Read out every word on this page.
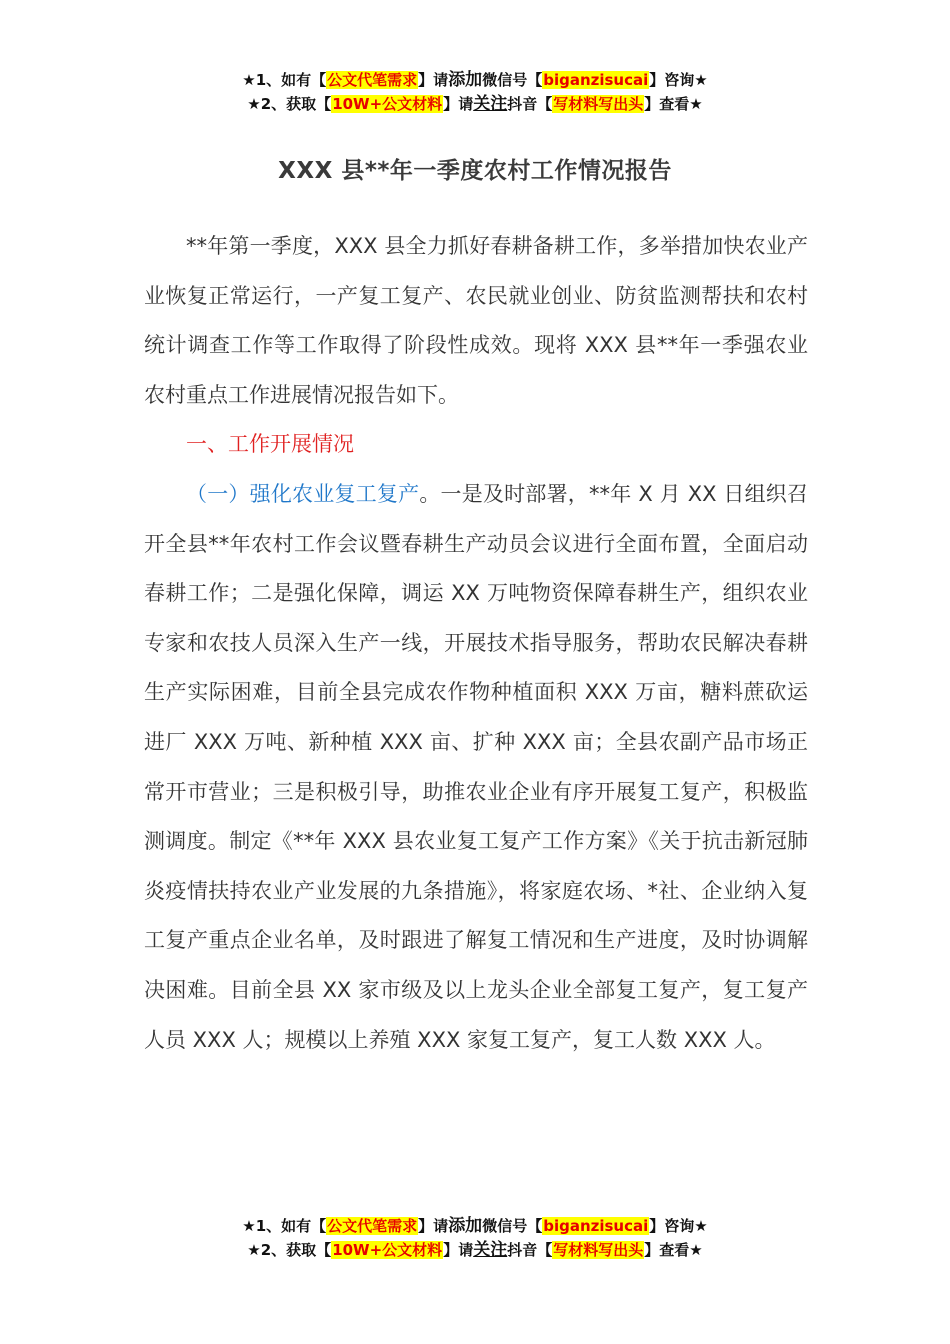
★1、如有【公文代笔需求】请添加微信号【biganzisucai】咨询★
★2、获取【10W+公文材料】请关注抖音【写材料写出头】查看★
XXX 县**年一季度农村工作情况报告

**年第一季度，XXX 县全力抓好春耕备耕工作，多举措加快农业产业恢复正常运行，一产复工复产、农民就业创业、防贫监测帮扶和农村统计调查工作等工作取得了阶段性成效。现将 XXX 县**年一季强农业农村重点工作进展情况报告如下。

一、工作开展情况

（一）强化农业复工复产。一是及时部署，**年 X 月 XX 日组织召开全县**年农村工作会议暨春耕生产动员会议进行全面布置，全面启动春耕工作；二是强化保障，调运 XX 万吨物资保障春耕生产，组织农业专家和农技人员深入生产一线，开展技术指导服务，帮助农民解决春耕生产实际困难，目前全县完成农作物种植面积 XXX 万亩，糖料蔗砍运进厂 XXX 万吨、新种植 XXX 亩、扩种 XXX 亩；全县农副产品市场正常开市营业；三是积极引导，助推农业企业有序开展复工复产，积极监测调度。制定《**年 XXX 县农业复工复产工作方案》《关于抗击新冠肺炎疫情扶持农业产业发展的九条措施》，将家庭农场、*社、企业纳入复工复产重点企业名单，及时跟进了解复工情况和生产进度，及时协调解决困难。目前全县 XX 家市级及以上龙头企业全部复工复产，复工复产人员 XXX 人；规模以上养殖 XXX 家复工复产，复工人数 XXX 人。

★1、如有【公文代笔需求】请添加微信号【biganzisucai】咨询★
★2、获取【10W+公文材料】请关注抖音【写材料写出头】查看★
